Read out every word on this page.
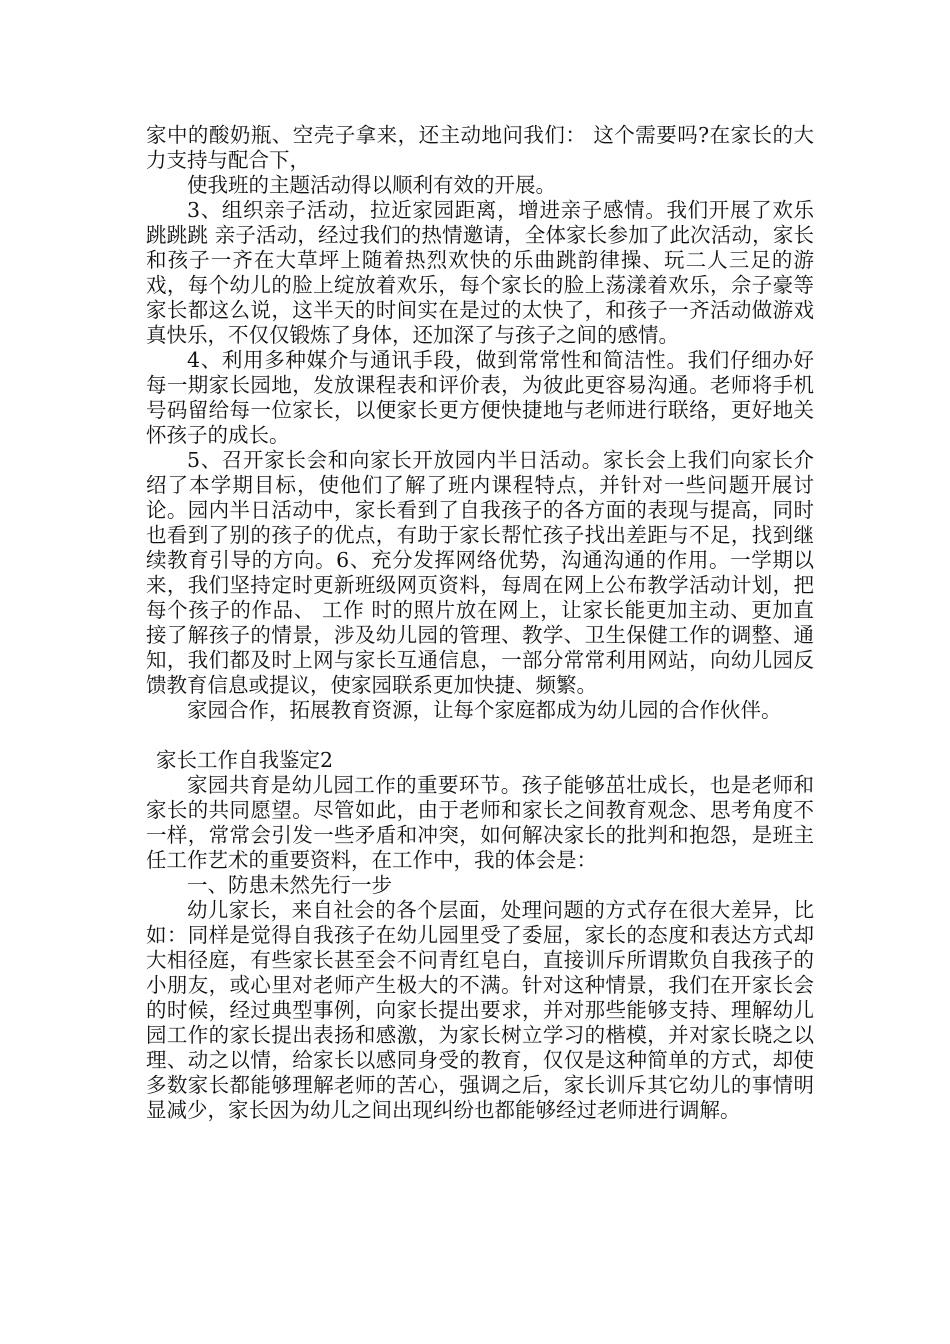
家中的酸奶瓶、空壳子拿来，还主动地问我们： 这个需要吗?在家长的大力支持与配合下，

使我班的主题活动得以顺利有效的开展。

3、组织亲子活动，拉近家园距离，增进亲子感情。我们开展了欢乐跳跳跳 亲子活动，经过我们的热情邀请，全体家长参加了此次活动，家长和孩子一齐在大草坪上随着热烈欢快的乐曲跳韵律操、玩二人三足的游戏，每个幼儿的脸上绽放着欢乐，每个家长的脸上荡漾着欢乐，佘子豪等家长都这么说，这半天的时间实在是过的太快了，和孩子一齐活动做游戏真快乐，不仅仅锻炼了身体，还加深了与孩子之间的感情。

4、利用多种媒介与通讯手段，做到常常性和简洁性。我们仔细办好每一期家长园地，发放课程表和评价表，为彼此更容易沟通。老师将手机号码留给每一位家长，以便家长更方便快捷地与老师进行联络，更好地关怀孩子的成长。

5、召开家长会和向家长开放园内半日活动。家长会上我们向家长介绍了本学期目标，使他们了解了班内课程特点，并针对一些问题开展讨论。园内半日活动中，家长看到了自我孩子的各方面的表现与提高，同时也看到了别的孩子的优点，有助于家长帮忙孩子找出差距与不足，找到继续教育引导的方向。6、充分发挥网络优势，沟通沟通的作用。一学期以来，我们坚持定时更新班级网页资料，每周在网上公布教学活动计划，把每个孩子的作品、 工作 时的照片放在网上，让家长能更加主动、更加直接了解孩子的情景，涉及幼儿园的管理、教学、卫生保健工作的调整、通知，我们都及时上网与家长互通信息，一部分常常利用网站，向幼儿园反馈教育信息或提议，使家园联系更加快捷、频繁。

家园合作，拓展教育资源，让每个家庭都成为幼儿园的合作伙伴。

家长工作自我鉴定2

家园共育是幼儿园工作的重要环节。孩子能够茁壮成长，也是老师和家长的共同愿望。尽管如此，由于老师和家长之间教育观念、思考角度不一样，常常会引发一些矛盾和冲突，如何解决家长的批判和抱怨，是班主任工作艺术的重要资料，在工作中，我的体会是：

一、防患未然先行一步

幼儿家长，来自社会的各个层面，处理问题的方式存在很大差异，比如：同样是觉得自我孩子在幼儿园里受了委屈，家长的态度和表达方式却大相径庭，有些家长甚至会不问青红皂白，直接训斥所谓欺负自我孩子的小朋友，或心里对老师产生极大的不满。针对这种情景，我们在开家长会的时候，经过典型事例，向家长提出要求，并对那些能够支持、理解幼儿园工作的家长提出表扬和感激，为家长树立学习的楷模，并对家长晓之以理、动之以情，给家长以感同身受的教育，仅仅是这种简单的方式，却使多数家长都能够理解老师的苦心，强调之后，家长训斥其它幼儿的事情明显减少，家长因为幼儿之间出现纠纷也都能够经过老师进行调解。
